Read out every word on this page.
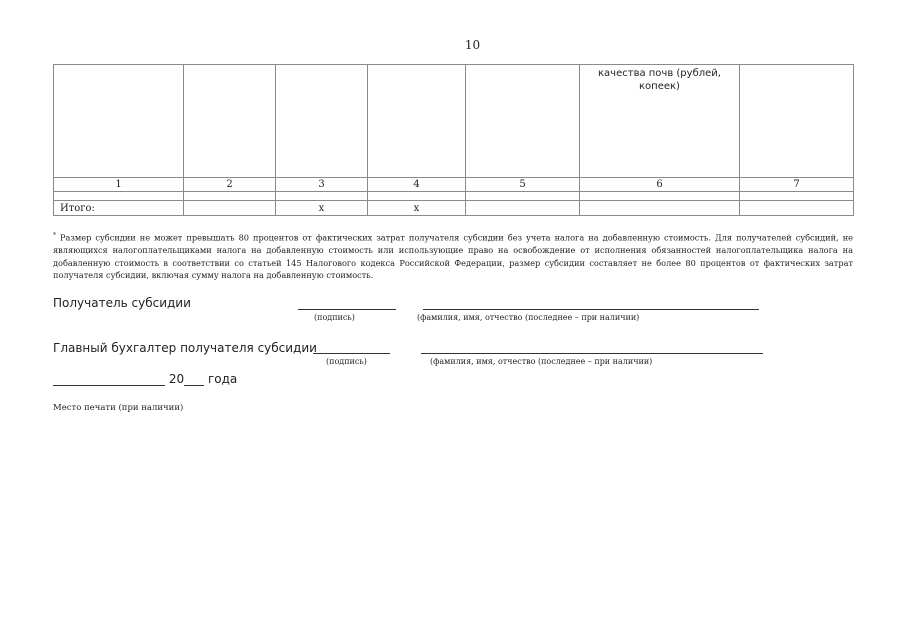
10
					качества почв (рублей, копеек)	
1	2	3	4	5	6	7

Итого:		x	x			
* Размер субсидии не может превышать 80 процентов от фактических затрат получателя субсидии без учета налога на добавленную стоимость. Для получателей субсидий, не являющихся налогоплательщиками налога на добавленную стоимость или использующие право на освобождение от исполнения обязанностей налогоплательщика налога на добавленную стоимость в соответствии со статьей 145 Налогового кодекса Российской Федерации, размер субсидии составляет не более 80 процентов от фактических затрат получателя субсидии, включая сумму налога на добавленную стоимость.
Получатель субсидии
(подпись)	(фамилия, имя, отчество (последнее – при наличии)
Главный бухгалтер получателя субсидии
(подпись)	(фамилия, имя, отчество (последнее – при наличии)
20 года
Место печати (при наличии)
